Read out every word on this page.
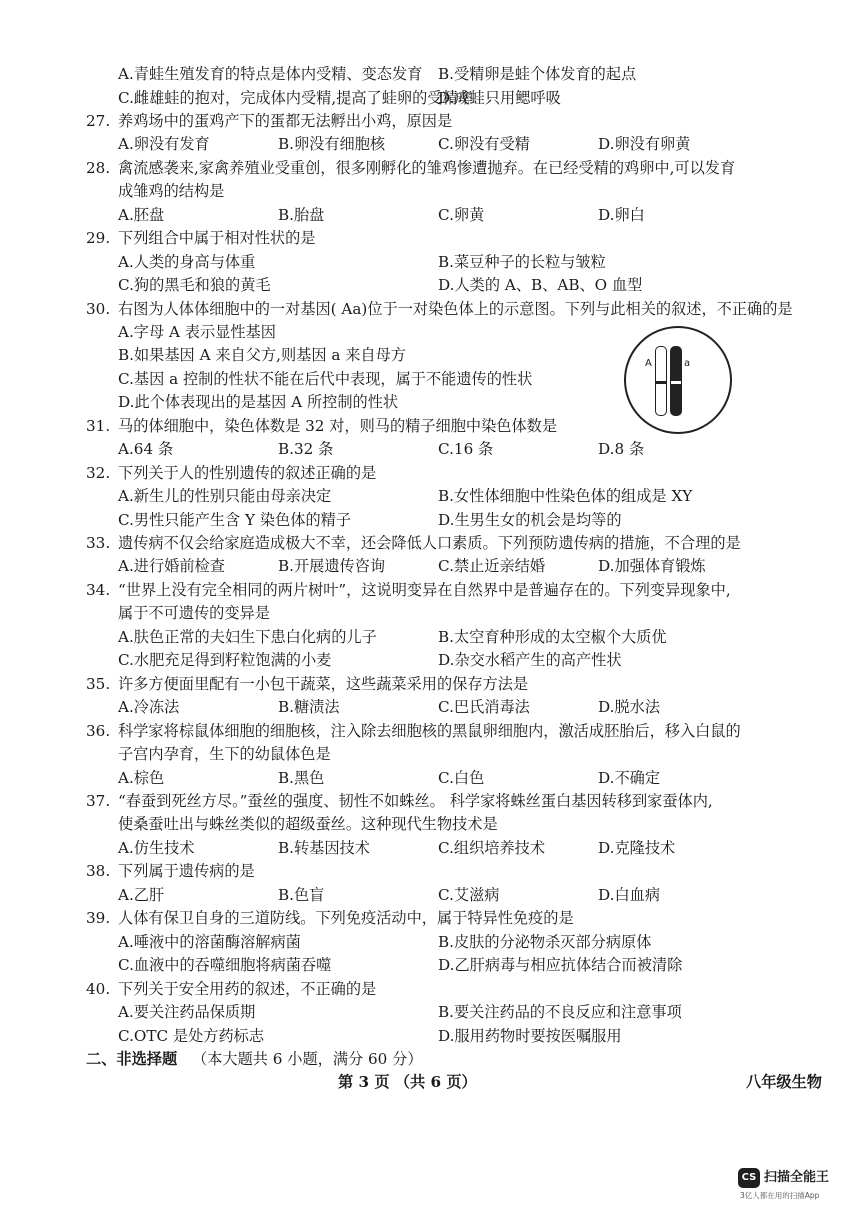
A.青蛙生殖发育的特点是体内受精、变态发育 B.受精卵是蛙个体发育的起点
C.雌雄蛙的抱对，完成体内受精,提高了蛙卵的受精率
D.成蛙只用鳃呼吸
27. 养鸡场中的蛋鸡产下的蛋都无法孵出小鸡，原因是
A.卵没有发育	B.卵没有细胞核	C.卵没有受精	D.卵没有卵黄
28. 禽流感袭来,家禽养殖业受重创，很多刚孵化的雏鸡惨遭抛弃。在已经受精的鸡卵中,可以发育
成雏鸡的结构是
A.胚盘	B.胎盘	C.卵黄	D.卵白
29. 下列组合中属于相对性状的是
A.人类的身高与体重	B.菜豆种子的长粒与皱粒
C.狗的黑毛和狼的黄毛	D.人类的 A、B、AB、O 血型
30. 右图为人体体细胞中的一对基因( Aa)位于一对染色体上的示意图。下列与此相关的叙述，不正确的是
A.字母 A 表示显性基因
B.如果基因 A 来自父方,则基因 a 来自母方
C.基因 a 控制的性状不能在后代中表现，属于不能遗传的性状
D.此个体表现出的是基因 A 所控制的性状
31. 马的体细胞中，染色体数是 32 对，则马的精子细胞中染色体数是
A.64 条	B.32 条	C.16 条	D.8 条
32. 下列关于人的性别遗传的叙述正确的是
A.新生儿的性别只能由母亲决定	B.女性体细胞中性染色体的组成是 XY
C.男性只能产生含 Y 染色体的精子	D.生男生女的机会是均等的
33. 遗传病不仅会给家庭造成极大不幸，还会降低人口素质。下列预防遗传病的措施，不合理的是
A.进行婚前检查	B.开展遗传咨询	C.禁止近亲结婚	D.加强体育锻炼
34. “世界上没有完全相同的两片树叶”，这说明变异在自然界中是普遍存在的。下列变异现象中,
属于不可遗传的变异是
A.肤色正常的夫妇生下患白化病的儿子	B.太空育种形成的太空椒个大质优
C.水肥充足得到籽粒饱满的小麦	D.杂交水稻产生的高产性状
35. 许多方便面里配有一小包干蔬菜，这些蔬菜采用的保存方法是
A.冷冻法	B.糖渍法	C.巴氏消毒法	D.脱水法
36. 科学家将棕鼠体细胞的细胞核，注入除去细胞核的黑鼠卵细胞内，激活成胚胎后，移入白鼠的
子宫内孕育，生下的幼鼠体色是
A.棕色	B.黑色	C.白色	D.不确定
37. “春蚕到死丝方尽。”蚕丝的强度、韧性不如蛛丝。 科学家将蛛丝蛋白基因转移到家蚕体内,
使桑蚕吐出与蛛丝类似的超级蚕丝。这种现代生物技术是
A.仿生技术	B.转基因技术	C.组织培养技术	D.克隆技术
38. 下列属于遗传病的是
A.乙肝	B.色盲	C.艾滋病	D.白血病
39. 人体有保卫自身的三道防线。下列免疫活动中，属于特异性免疫的是
A.唾液中的溶菌酶溶解病菌	B.皮肤的分泌物杀灭部分病原体
C.血液中的吞噬细胞将病菌吞噬	D.乙肝病毒与相应抗体结合而被清除
40. 下列关于安全用药的叙述，不正确的是
A.要关注药品保质期	B.要关注药品的不良反应和注意事项
C.OTC 是处方药标志	D.服用药物时要按医嘱服用
二、非选择题 （本大题共 6 小题，满分 60 分）
第 3 页 （共 6 页）	八年级生物
A	a
CS 扫描全能王
3亿人都在用的扫描App
